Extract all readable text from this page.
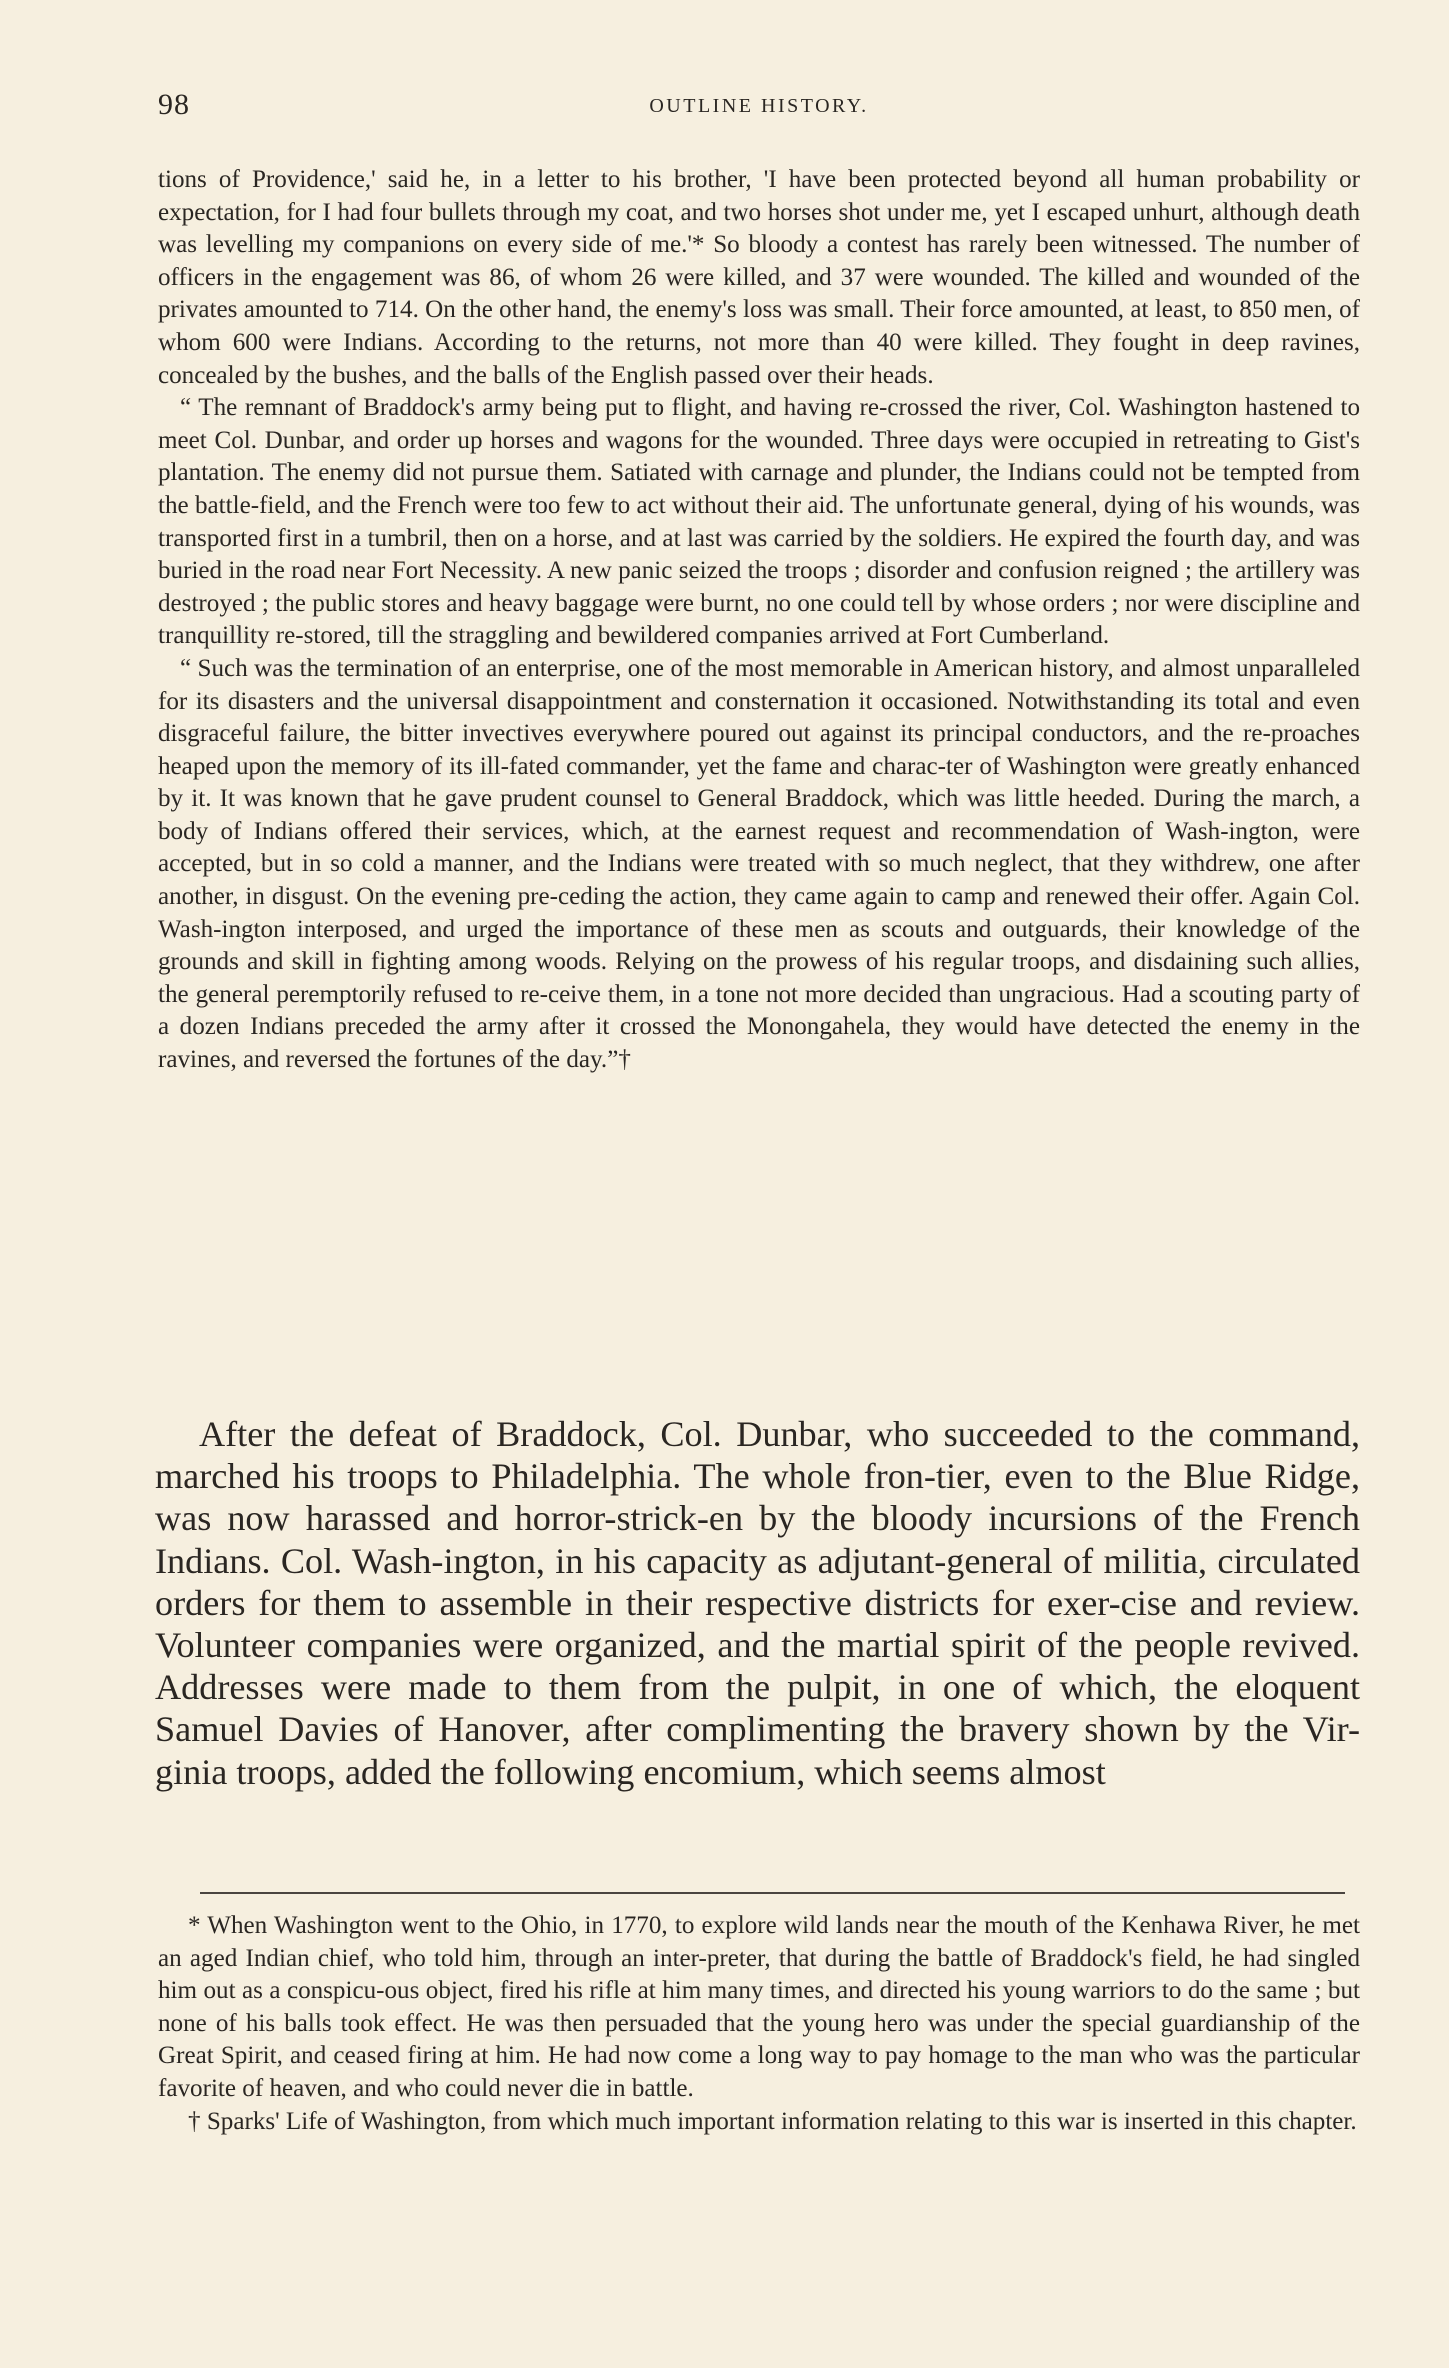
98	OUTLINE HISTORY.

tions of Providence,' said he, in a letter to his brother, 'I have been protected beyond all human probability or expectation, for I had four bullets through my coat, and two horses shot under me, yet I escaped unhurt, although death was levelling my companions on every side of me.'* So bloody a contest has rarely been witnessed. The number of officers in the engagement was 86, of whom 26 were killed, and 37 were wounded. The killed and wounded of the privates amounted to 714. On the other hand, the enemy's loss was small. Their force amounted, at least, to 850 men, of whom 600 were Indians. According to the returns, not more than 40 were killed. They fought in deep ravines, concealed by the bushes, and the balls of the English passed over their heads.

“ The remnant of Braddock's army being put to flight, and having re-crossed the river, Col. Washington hastened to meet Col. Dunbar, and order up horses and wagons for the wounded. Three days were occupied in retreating to Gist's plantation. The enemy did not pursue them. Satiated with carnage and plunder, the Indians could not be tempted from the battle-field, and the French were too few to act without their aid. The unfortunate general, dying of his wounds, was transported first in a tumbril, then on a horse, and at last was carried by the soldiers. He expired the fourth day, and was buried in the road near Fort Necessity. A new panic seized the troops ; disorder and confusion reigned ; the artillery was destroyed ; the public stores and heavy baggage were burnt, no one could tell by whose orders ; nor were discipline and tranquillity re-stored, till the straggling and bewildered companies arrived at Fort Cumberland.

“ Such was the termination of an enterprise, one of the most memorable in American history, and almost unparalleled for its disasters and the universal disappointment and consternation it occasioned. Notwithstanding its total and even disgraceful failure, the bitter invectives everywhere poured out against its principal conductors, and the re-proaches heaped upon the memory of its ill-fated commander, yet the fame and charac-ter of Washington were greatly enhanced by it. It was known that he gave prudent counsel to General Braddock, which was little heeded. During the march, a body of Indians offered their services, which, at the earnest request and recommendation of Wash-ington, were accepted, but in so cold a manner, and the Indians were treated with so much neglect, that they withdrew, one after another, in disgust. On the evening pre-ceding the action, they came again to camp and renewed their offer. Again Col. Wash-ington interposed, and urged the importance of these men as scouts and outguards, their knowledge of the grounds and skill in fighting among woods. Relying on the prowess of his regular troops, and disdaining such allies, the general peremptorily refused to re-ceive them, in a tone not more decided than ungracious. Had a scouting party of a dozen Indians preceded the army after it crossed the Monongahela, they would have detected the enemy in the ravines, and reversed the fortunes of the day.”†

After the defeat of Braddock, Col. Dunbar, who succeeded to the command, marched his troops to Philadelphia. The whole fron-tier, even to the Blue Ridge, was now harassed and horror-strick-en by the bloody incursions of the French Indians. Col. Wash-ington, in his capacity as adjutant-general of militia, circulated orders for them to assemble in their respective districts for exer-cise and review. Volunteer companies were organized, and the martial spirit of the people revived. Addresses were made to them from the pulpit, in one of which, the eloquent Samuel Davies of Hanover, after complimenting the bravery shown by the Vir-ginia troops, added the following encomium, which seems almost

* When Washington went to the Ohio, in 1770, to explore wild lands near the mouth of the Kenhawa River, he met an aged Indian chief, who told him, through an inter-preter, that during the battle of Braddock's field, he had singled him out as a conspicu-ous object, fired his rifle at him many times, and directed his young warriors to do the same ; but none of his balls took effect. He was then persuaded that the young hero was under the special guardianship of the Great Spirit, and ceased firing at him. He had now come a long way to pay homage to the man who was the particular favorite of heaven, and who could never die in battle.

† Sparks' Life of Washington, from which much important information relating to this war is inserted in this chapter.
